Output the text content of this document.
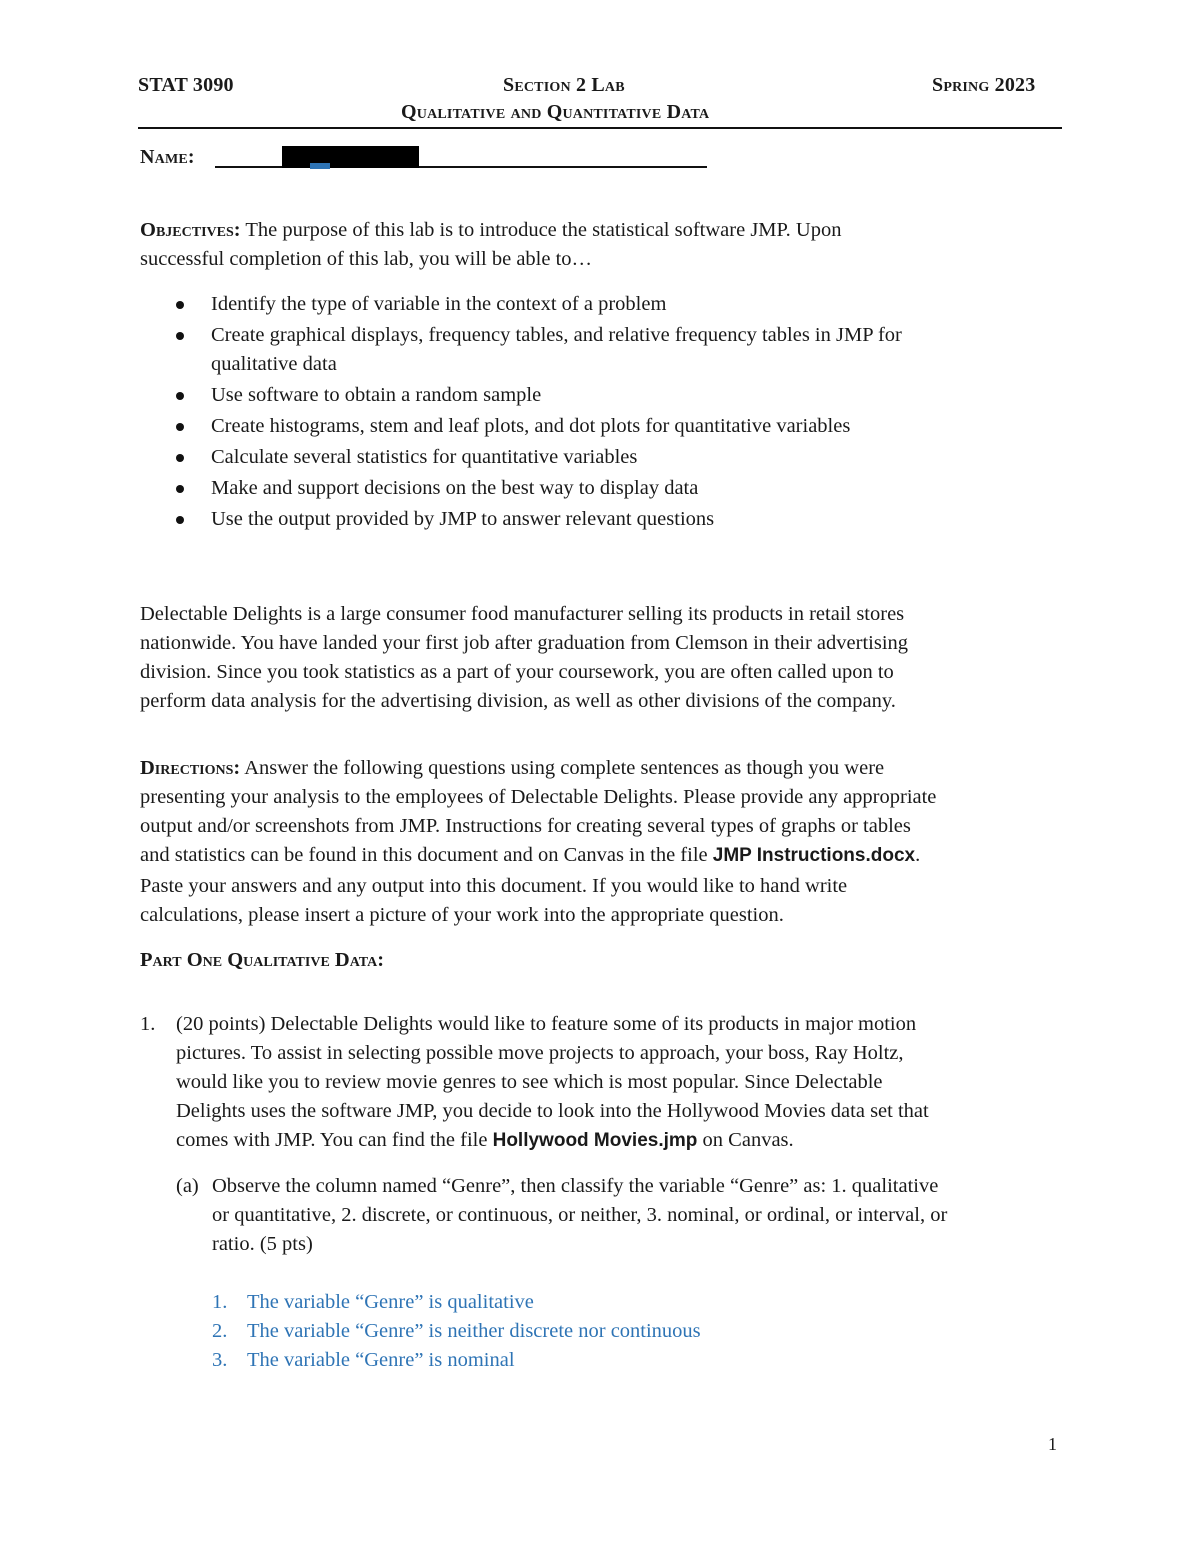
STAT 3090	Section 2 Lab	Spring 2023
Qualitative and Quantitative Data
Name:
Objectives: The purpose of this lab is to introduce the statistical software JMP. Upon
successful completion of this lab, you will be able to…
Identify the type of variable in the context of a problem
Create graphical displays, frequency tables, and relative frequency tables in JMP for
qualitative data
Use software to obtain a random sample
Create histograms, stem and leaf plots, and dot plots for quantitative variables
Calculate several statistics for quantitative variables
Make and support decisions on the best way to display data
Use the output provided by JMP to answer relevant questions
Delectable Delights is a large consumer food manufacturer selling its products in retail stores
nationwide. You have landed your first job after graduation from Clemson in their advertising
division. Since you took statistics as a part of your coursework, you are often called upon to
perform data analysis for the advertising division, as well as other divisions of the company.
Directions: Answer the following questions using complete sentences as though you were
presenting your analysis to the employees of Delectable Delights. Please provide any appropriate
output and/or screenshots from JMP. Instructions for creating several types of graphs or tables
and statistics can be found in this document and on Canvas in the file JMP Instructions.docx.
Paste your answers and any output into this document. If you would like to hand write
calculations, please insert a picture of your work into the appropriate question.
Part One Qualitative Data:
1. (20 points) Delectable Delights would like to feature some of its products in major motion
pictures. To assist in selecting possible move projects to approach, your boss, Ray Holtz,
would like you to review movie genres to see which is most popular. Since Delectable
Delights uses the software JMP, you decide to look into the Hollywood Movies data set that
comes with JMP. You can find the file Hollywood Movies.jmp on Canvas.
(a) Observe the column named “Genre”, then classify the variable “Genre” as: 1. qualitative
or quantitative, 2. discrete, or continuous, or neither, 3. nominal, or ordinal, or interval, or
ratio. (5 pts)
1. The variable “Genre” is qualitative
2. The variable “Genre” is neither discrete nor continuous
3. The variable “Genre” is nominal
1
